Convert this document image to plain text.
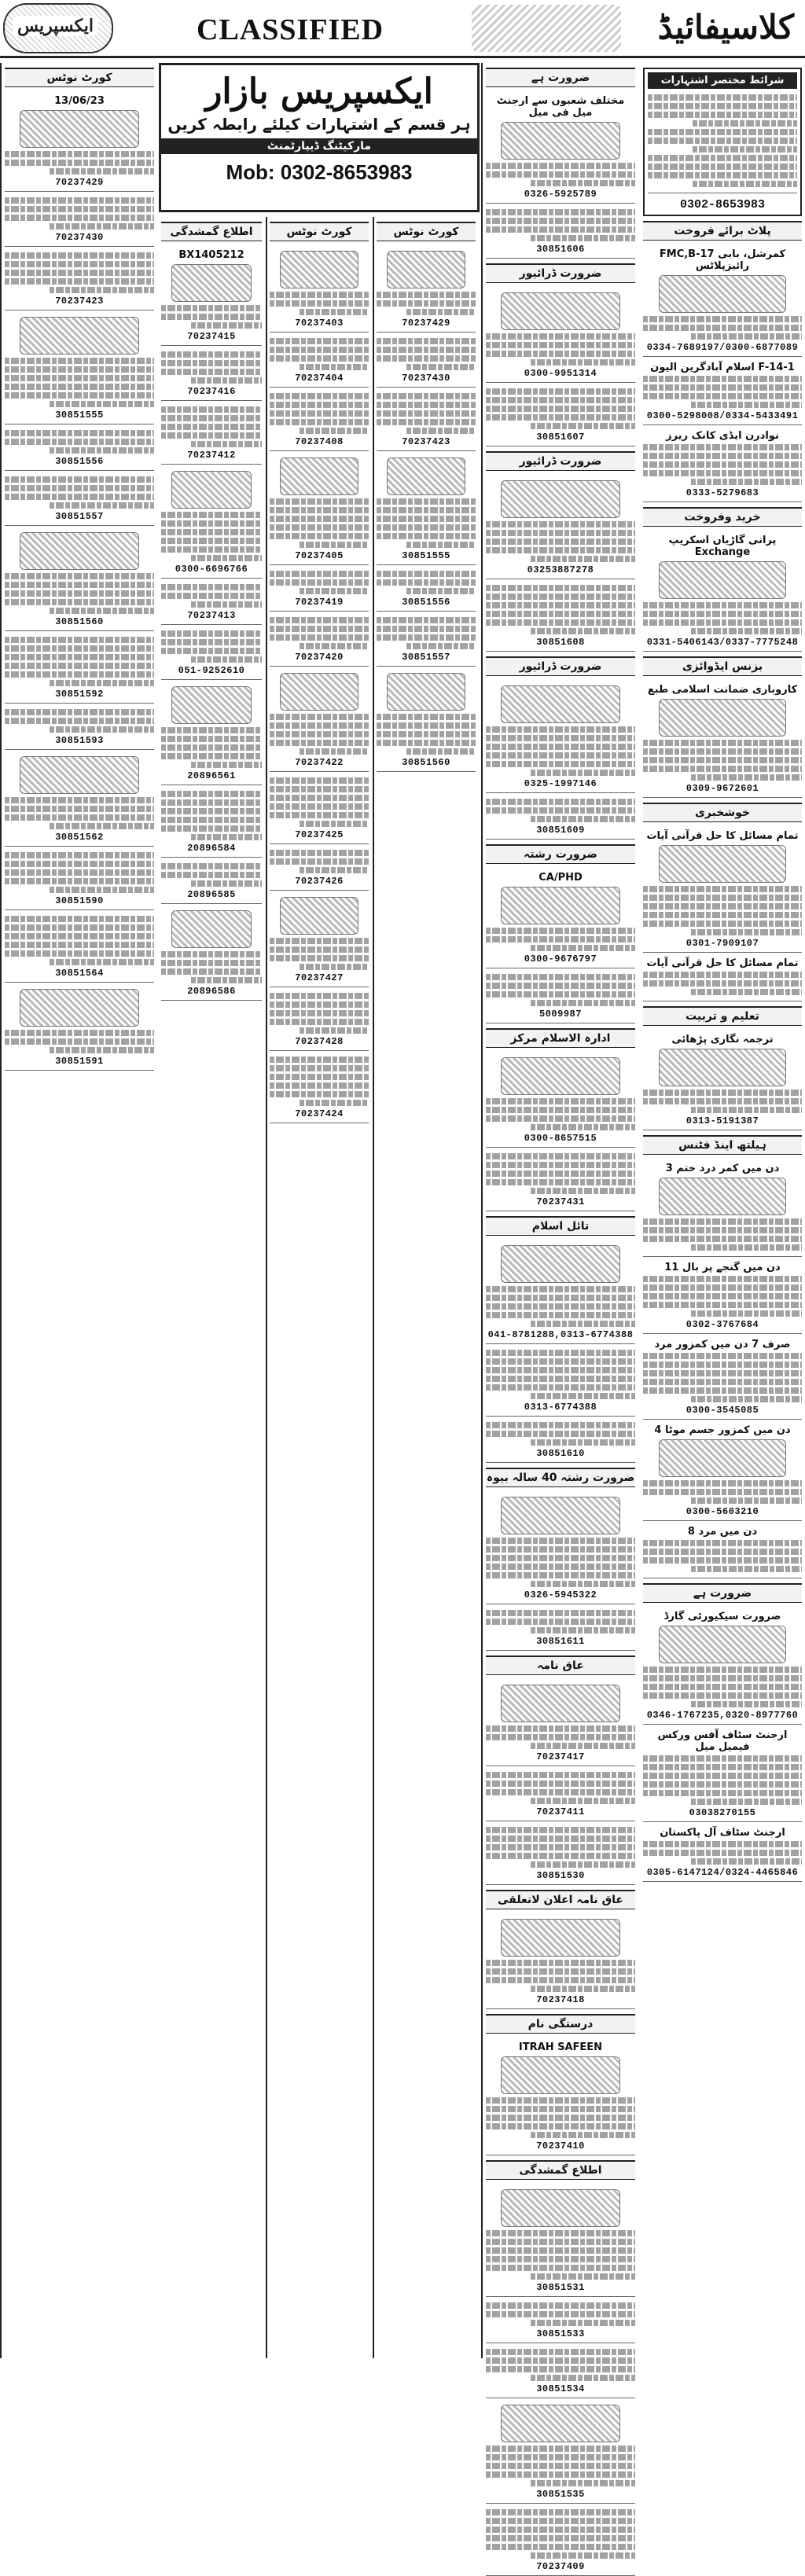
ایکسپریس	CLASSIFIED	کلاسیفائیڈ
کورٹ نوٹس
13/06/23
70237429
70237430
70237423
30851555
30851556
30851557
30851560
30851592
30851593
30851562
30851590
30851564
30851591
ایکسپریس بازار
ہر قسم کے اشتہارات کیلئے رابطہ کریں
مارکیٹنگ ڈیپارٹمنٹ
Mob: 0302-8653983
اطلاع گمشدگی
BX1405212
70237415
70237416
70237412
0300-6696766
70237413
051-9252610
20896561
20896584
20896585
20896586
کورٹ نوٹس
70237403
70237404
70237408
70237405
70237419
70237420
70237422
70237425
70237426
70237427
70237428
70237424
کورٹ نوٹس
70237429
70237430
70237423
30851555
30851556
30851557
30851560
ضرورت ہے
مختلف شعبوں سے ارجنٹ میل فی میل
0326-5925789
30851606
ضرورت ڈرائیور
0300-9951314
30851607
ضرورت ڈرائیور
03253887278
30851608
ضرورت ڈرائیور
0325-1997146
30851609
ضرورت رشتہ
CA/PHD
0300-9676797
5009987
ادارہ الاسلام مرکز
0300-8657515
70237431
تائل اسلام
041-8781288,0313-6774388
0313-6774388
30851610
ضرورت رشتہ 40 سالہ بیوہ
0326-5945322
30851611
عاق نامہ
70237417
70237411
30851530
عاق نامہ اعلان لاتعلقی
70237418
درستگی نام
ITRAH SAFEEN
70237410
اطلاع گمشدگی
30851531
30851533
30851534
30851535
70237409
شرائط مختصر اشتہارات
0302-8653983
پلاٹ برائے فروخت
FMC,B-17 کمرشل، بابی رائیزپلاٹس
0334-7689197/0300-6877089
اسلام آبادگرین الیون F-14-1
0300-5298008/0334-5433491
نوادرن ایڈی کانک ریرز
0333-5279683
خرید وفروخت
پرانی گاڑیاں اسکریپ Exchange
0331-5406143/0337-7775248
بزنس ایڈوائزی
کاروباری ضمانت اسلامی طبع
0309-9672601
خوشخبری
تمام مسائل کا حل قرآنی آیات
0301-7909107
تمام مسائل کا حل قرآنی آیات
تعلیم و تربیت
ترجمہ نگاری پڑھائی
0313-5191387
ہیلتھ اینڈ فٹنس
3 دن میں کمر درد ختم
11 دن میں گنجے پر بال
0302-3767684
صرف 7 دن میں کمزور مرد
0300-3545085
4 دن میں کمزور جسم موٹا
0300-5603210
8 دن میں مرد
ضرورت ہے
ضرورت سیکیورٹی گارڈ
0346-1767235,0320-8977760
ارجنٹ سٹاف آفس ورکس فیمیل میل
03038270155
ارجنٹ سٹاف آل پاکستان
0305-6147124/0324-4465846
